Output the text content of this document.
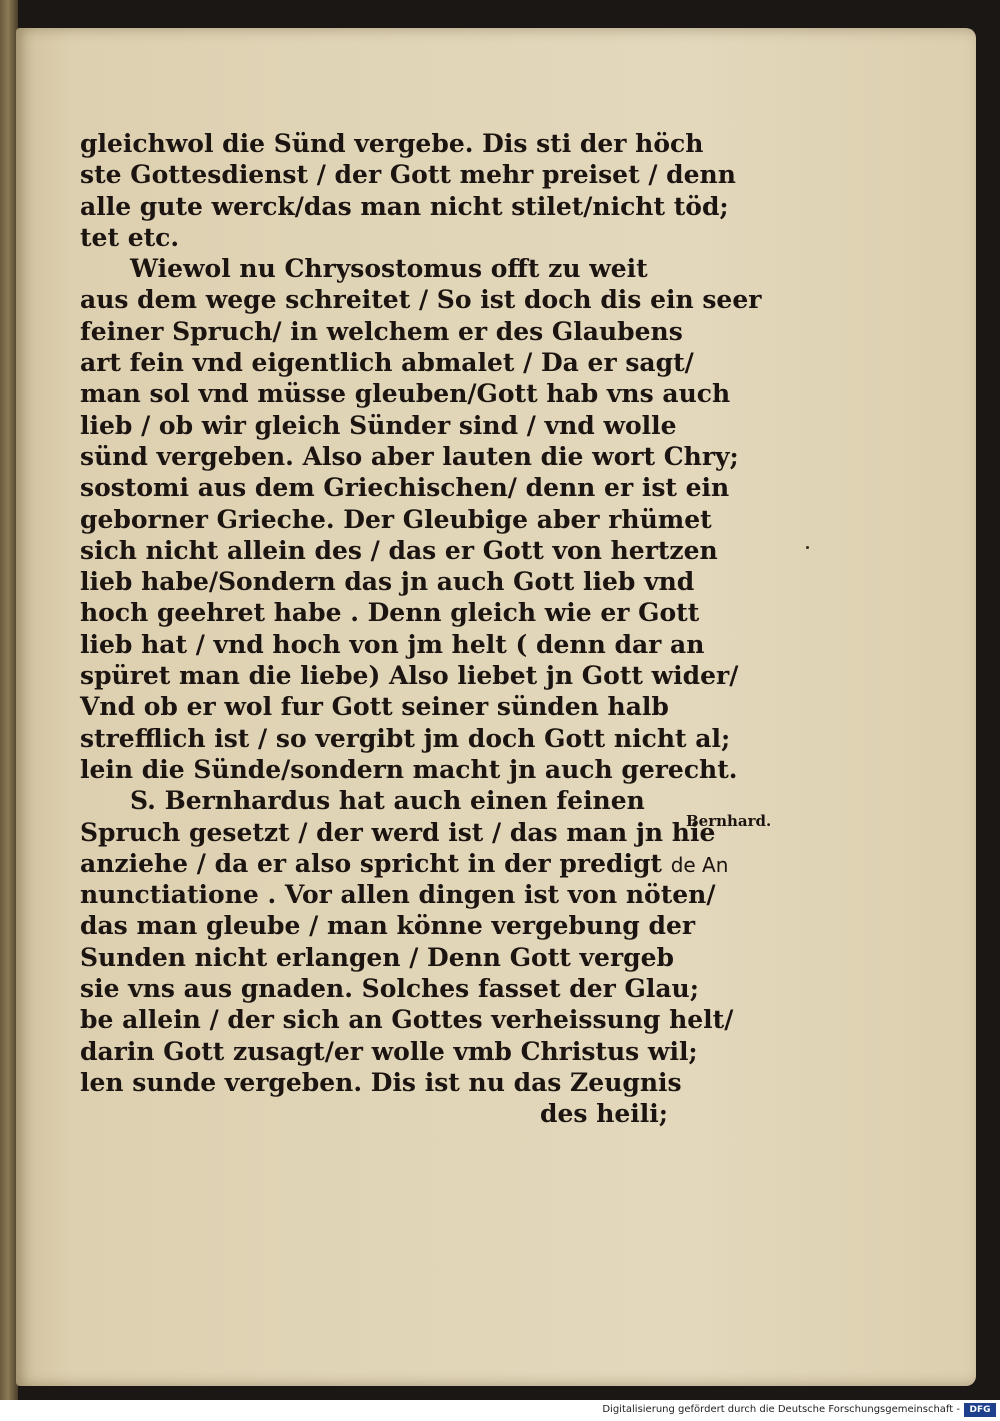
gleichwol die Sünd vergebe. Dis sti der höch
ste Gottesdienst / der Gott mehr preiset / denn
alle gute werck/das man nicht stilet/nicht töd;
tet etc.
Wiewol nu Chrysostomus offt zu weit
aus dem wege schreitet / So ist doch dis ein seer
feiner Spruch/ in welchem er des Glaubens
art fein vnd eigentlich abmalet / Da er sagt/
man sol vnd müsse gleuben/Gott hab vns auch
lieb / ob wir gleich Sünder sind / vnd wolle
sünd vergeben. Also aber lauten die wort Chry;
sostomi aus dem Griechischen/ denn er ist ein
geborner Grieche. Der Gleubige aber rhümet
sich nicht allein des / das er Gott von hertzen
lieb habe/Sondern das jn auch Gott lieb vnd
hoch geehret habe . Denn gleich wie er Gott
lieb hat / vnd hoch von jm helt ( denn dar an
spüret man die liebe) Also liebet jn Gott wider/
Vnd ob er wol fur Gott seiner sünden halb
strefflich ist / so vergibt jm doch Gott nicht al;
lein die Sünde/sondern macht jn auch gerecht.
S. Bernhardus hat auch einen feinen
Spruch gesetzt / der werd ist / das man jn hie
anziehe / da er also spricht in der predigt de An
nunctiatione . Vor allen dingen ist von nöten/
das man gleube / man könne vergebung der
Sunden nicht erlangen / Denn Gott vergeb
sie vns aus gnaden. Solches fasset der Glau;
be allein / der sich an Gottes verheissung helt/
darin Gott zusagt/er wolle vmb Christus wil;
len sunde vergeben. Dis ist nu das Zeugnis
des heili;
Bernhard.
Digitalisierung gefördert durch die Deutsche Forschungsgemeinschaft -	DFG
